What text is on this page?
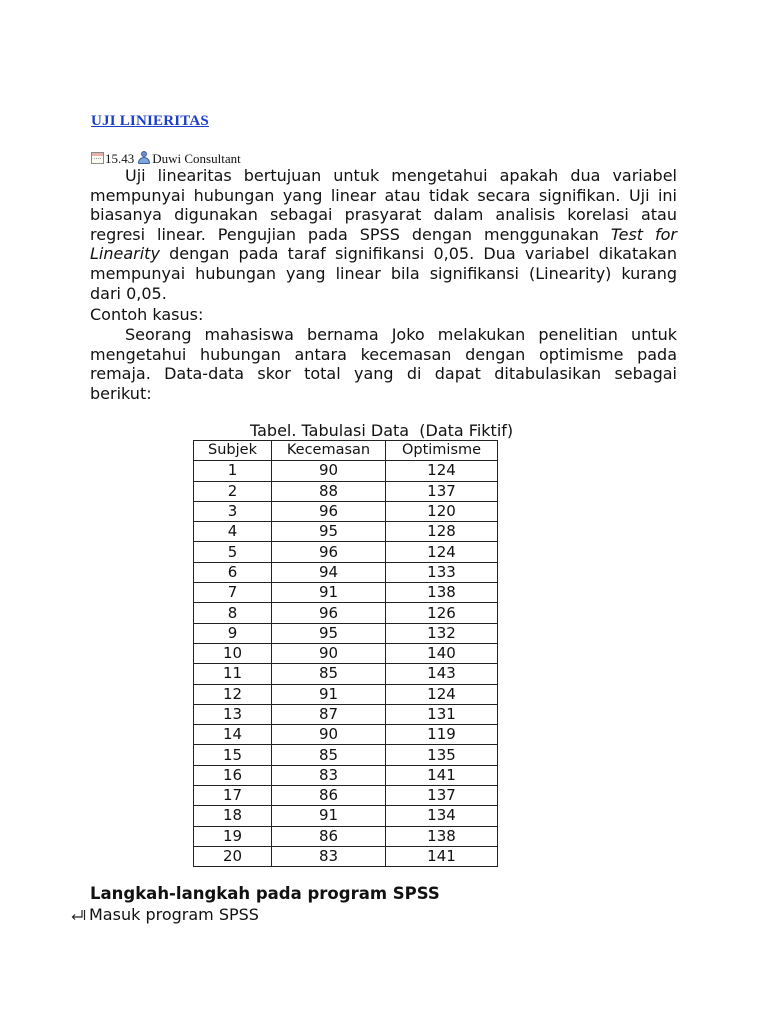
UJI LINIERITAS
15.43 Duwi Consultant

Uji linearitas bertujuan untuk mengetahui apakah dua variabel mempunyai hubungan yang linear atau tidak secara signifikan. Uji ini biasanya digunakan sebagai prasyarat dalam analisis korelasi atau regresi linear. Pengujian pada SPSS dengan menggunakan Test for Linearity dengan pada taraf signifikansi 0,05. Dua variabel dikatakan mempunyai hubungan yang linear bila signifikansi (Linearity) kurang dari 0,05.

Contoh kasus:

Seorang mahasiswa bernama Joko melakukan penelitian untuk mengetahui hubungan antara kecemasan dengan optimisme pada remaja. Data-data skor total yang di dapat ditabulasikan sebagai berikut:

Tabel. Tabulasi Data  (Data Fiktif)
Subjek	Kecemasan	Optimisme
1	90	124
2	88	137
3	96	120
4	95	128
5	96	124
6	94	133
7	91	138
8	96	126
9	95	132
10	90	140
11	85	143
12	91	124
13	87	131
14	90	119
15	85	135
16	83	141
17	86	137
18	91	134
19	86	138
20	83	141
Langkah-langkah pada program SPSS
Masuk program SPSS
